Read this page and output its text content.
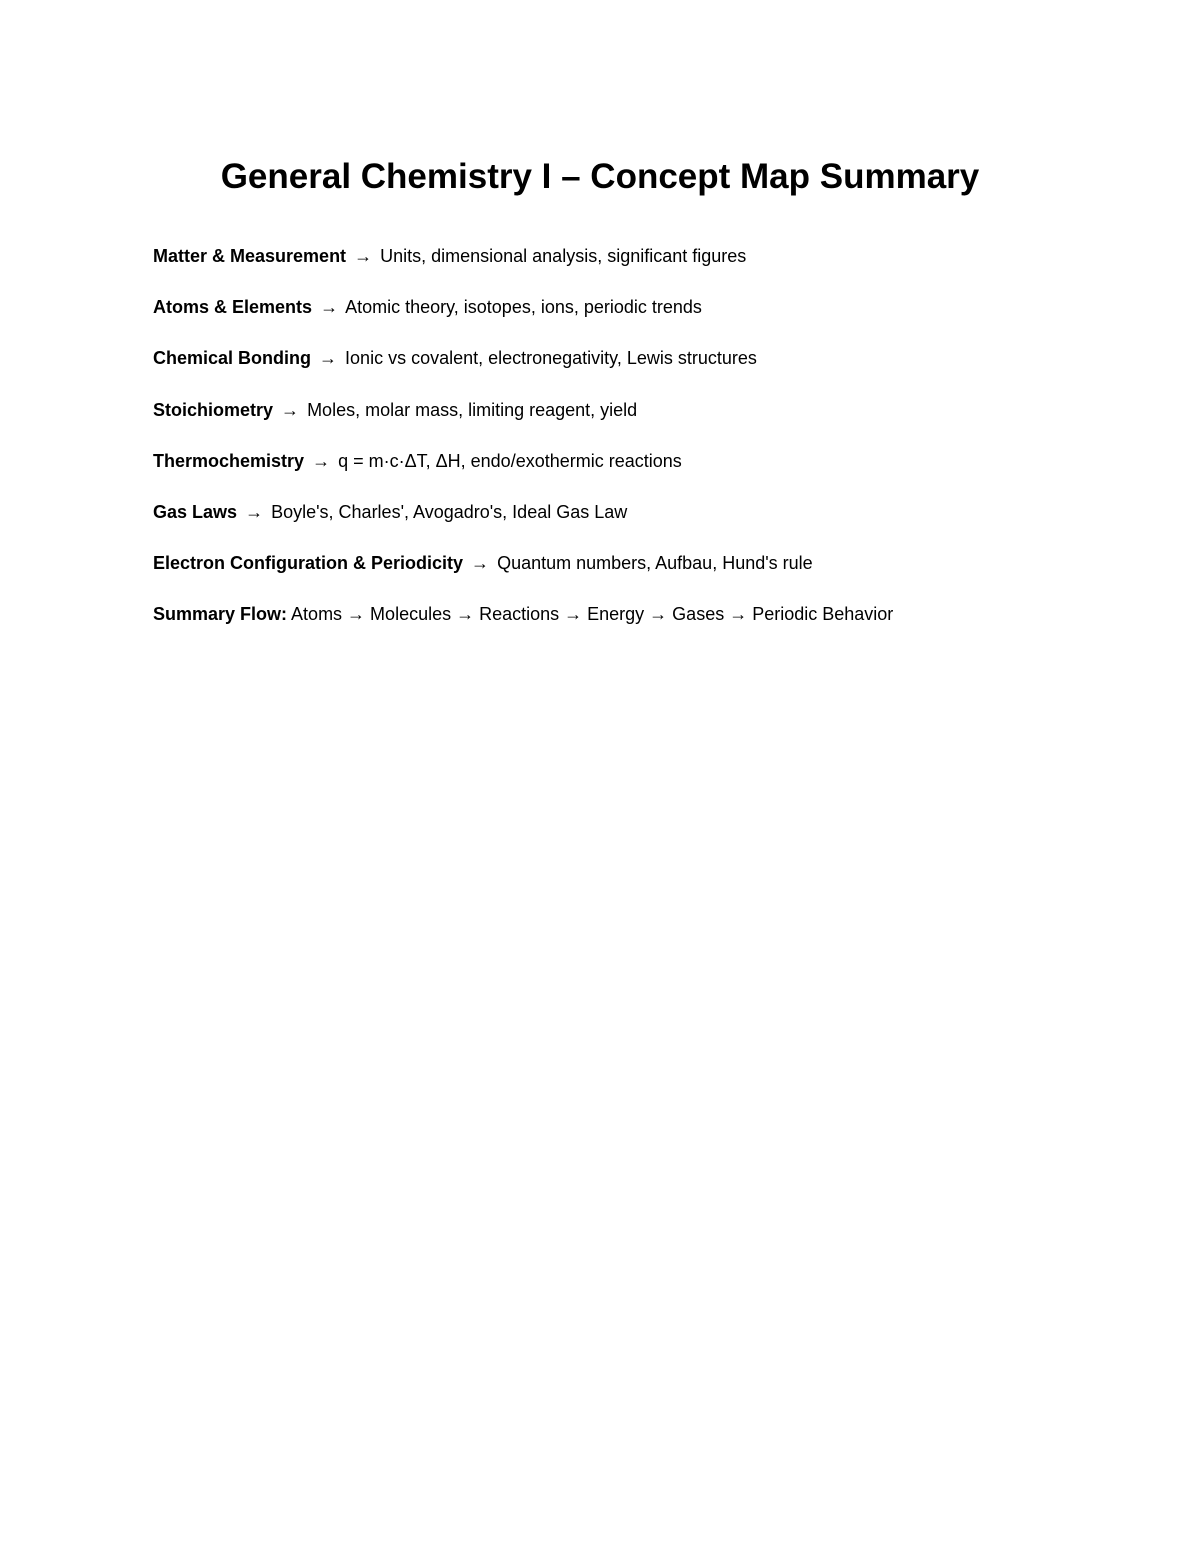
General Chemistry I – Concept Map Summary
Matter & Measurement → Units, dimensional analysis, significant figures
Atoms & Elements → Atomic theory, isotopes, ions, periodic trends
Chemical Bonding → Ionic vs covalent, electronegativity, Lewis structures
Stoichiometry → Moles, molar mass, limiting reagent, yield
Thermochemistry → q = m·c·ΔT, ΔH, endo/exothermic reactions
Gas Laws → Boyle's, Charles', Avogadro's, Ideal Gas Law
Electron Configuration & Periodicity → Quantum numbers, Aufbau, Hund's rule
Summary Flow: Atoms → Molecules → Reactions → Energy → Gases → Periodic Behavior
